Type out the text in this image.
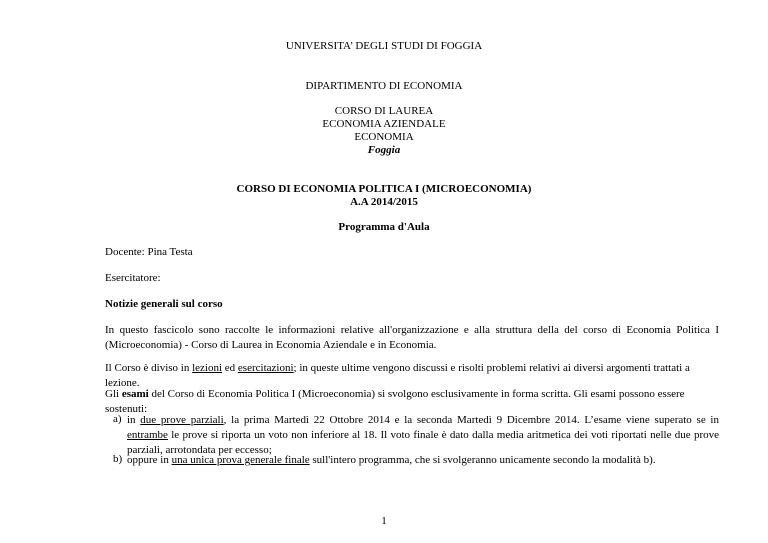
UNIVERSITA’ DEGLI STUDI DI FOGGIA

DIPARTIMENTO DI ECONOMIA

CORSO DI LAUREA

ECONOMIA AZIENDALE

ECONOMIA

Foggia

CORSO DI ECONOMIA POLITICA I (MICROECONOMIA)

A.A 2014/2015

Programma d'Aula

Docente: Pina Testa

Esercitatore:

Notizie generali sul corso

In questo fascicolo sono raccolte le informazioni relative all'organizzazione e alla struttura della del corso di Economia Politica I (Microeconomia) - Corso di Laurea in Economia Aziendale e in Economia.

Il Corso è diviso in lezioni ed esercitazioni; in queste ultime vengono discussi e risolti problemi relativi ai diversi argomenti trattati a lezione.

Gli esami del Corso di Economia Politica I (Microeconomia) si svolgono esclusivamente in forma scritta. Gli esami possono essere sostenuti:

a) in due prove parziali, la prima Martedì 22 Ottobre 2014 e la seconda Martedì 9 Dicembre 2014. L’esame viene superato se in entrambe le prove si riporta un voto non inferiore al 18. Il voto finale è dato dalla media aritmetica dei voti riportati nelle due prove parziali, arrotondata per eccesso;

b) oppure in una unica prova generale finale sull'intero programma, che si svolgeranno unicamente secondo la modalità b).

1
